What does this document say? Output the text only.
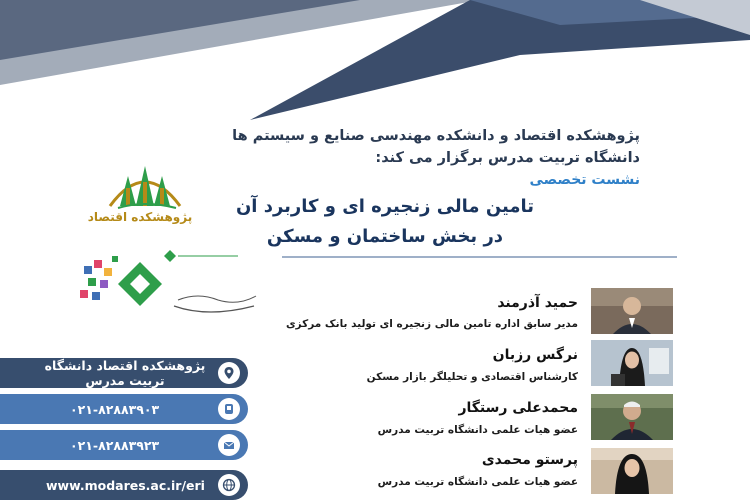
پژوهشکده اقتصاد و دانشکده مهندسی صنایع و سیستم ها
دانشگاه تربیت مدرس برگزار می کند:
نشست تخصصی
تامین مالی زنجیره ای و کاربرد آن
در بخش ساختمان و مسکن
پژوهشکده اقتصاد
پژوهشکده اقتصاد دانشگاه تربیت مدرس
۰۲۱-۸۲۸۸۳۹۰۳
۰۲۱-۸۲۸۸۳۹۲۳
www.modares.ac.ir/eri
حمید آذرمند
مدیر سابق اداره تامین مالی زنجیره ای تولید بانک مرکزی
نرگس رزبان
کارشناس اقتصادی و تحلیلگر بازار مسکن
محمدعلی رستگار
عضو هیات علمی دانشگاه تربیت مدرس
پرستو محمدی
عضو هیات علمی دانشگاه تربیت مدرس
